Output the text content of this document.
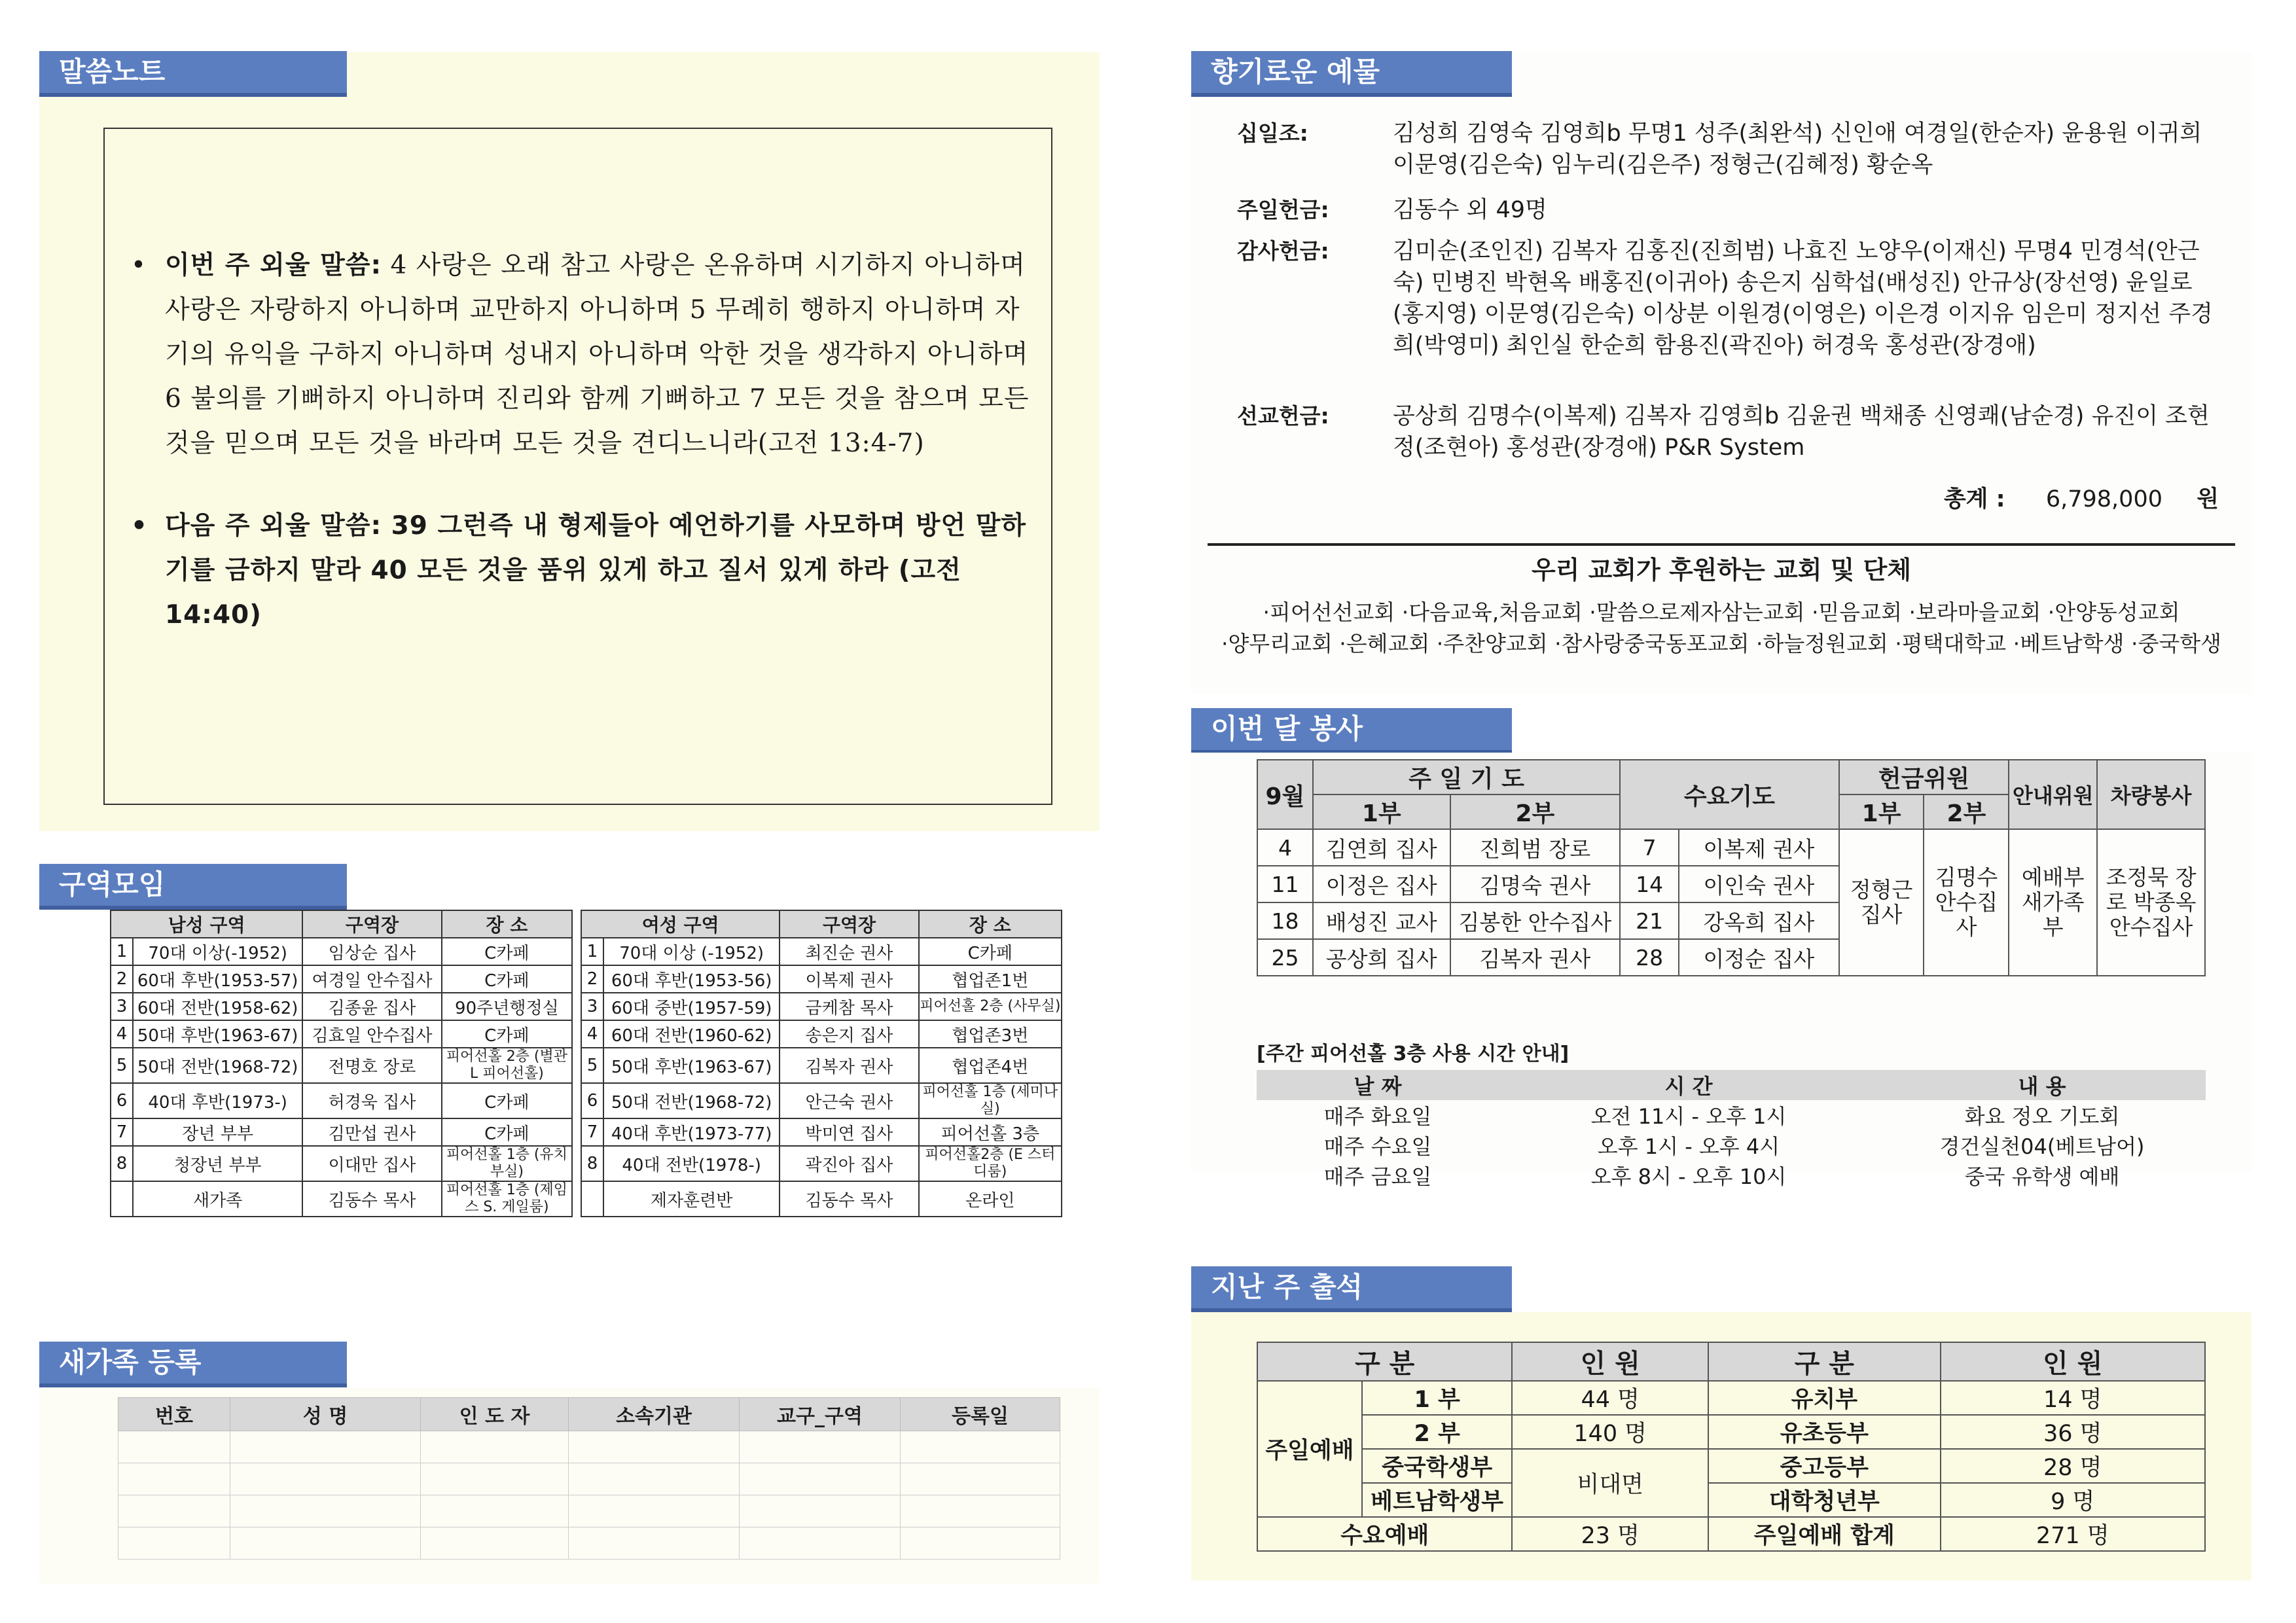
말씀노트

• 이번 주 외울 말씀: 4 사랑은 오래 참고 사랑은 온유하며 시기하지 아니하며 사랑은 자랑하지 아니하며 교만하지 아니하며 5 무례히 행하지 아니하며 자기의 유익을 구하지 아니하며 성내지 아니하며 악한 것을 생각하지 아니하며 6 불의를 기뻐하지 아니하며 진리와 함께 기뻐하고 7 모든 것을 참으며 모든 것을 믿으며 모든 것을 바라며 모든 것을 견디느니라(고전 13:4-7)

• 다음 주 외울 말씀: 39 그런즉 내 형제들아 예언하기를 사모하며 방언 말하기를 금하지 말라 40 모든 것을 품위 있게 하고 질서 있게 하라 (고전 14:40)

구역모임
남성 구역		구역장	장 소		여성 구역		구역장	장 소
1	70대 이상(-1952)	임상순 집사	C카페		1	70대 이상 (-1952)	최진순 권사	C카페
2	60대 후반(1953-57)	여경일 안수집사	C카페		2	60대 후반(1953-56)	이복제 권사	협업존1번
3	60대 전반(1958-62)	김종윤 집사	90주년행정실		3	60대 중반(1957-59)	금케참 목사	피어선홀 2층 (사무실)
4	50대 후반(1963-67)	김효일 안수집사	C카페		4	60대 전반(1960-62)	송은지 집사	협업존3번
5	50대 전반(1968-72)	전명호 장로	피어선홀 2층 (별관 L 피어선홀)		5	50대 후반(1963-67)	김복자 권사	협업존4번
6	40대 후반(1973-)	허경욱 집사	C카페		6	50대 전반(1968-72)	안근숙 권사	피어선홀 1층 (세미나실)
7	장년 부부	김만섭 권사	C카페		7	40대 후반(1973-77)	박미연 집사	피어선홀 3층
8	청장년 부부	이대만 집사	피어선홀 1층 (유치부실)		8	40대 전반(1978-)	곽진아 집사	피어선홀2층 (E 스터디룸)
	새가족	김동수 목사	피어선홀 1층 (제임스 S. 게일룸)			제자훈련반	김동수 목사	온라인
새가족 등록
번호	성 명	인 도 자	소속기관	교구_구역	등록일

향기로운 예물
십일조:	김성희 김영숙 김영희b 무명1 성주(최완석) 신인애 여경일(한순자) 윤용원 이귀희 이문영(김은숙) 임누리(김은주) 정형근(김혜정) 황순옥
주일헌금:	김동수 외 49명
감사헌금:	김미순(조인진) 김복자 김홍진(진희범) 나효진 노양우(이재신) 무명4 민경석(안근숙) 민병진 박현옥 배홍진(이귀아) 송은지 심학섭(배성진) 안규상(장선영) 윤일로(홍지영) 이문영(김은숙) 이상분 이원경(이영은) 이은경 이지유 임은미 정지선 주경희(박영미) 최인실 한순희 함용진(곽진아) 허경욱 홍성관(장경애)
선교헌금:	공상희 김명수(이복제) 김복자 김영희b 김윤권 백채종 신영쾌(남순경) 유진이 조현정(조현아) 홍성관(장경애) P&R System
총계 : 6,798,000 원
우리 교회가 후원하는 교회 및 단체
·피어선선교회 ·다음교육,처음교회 ·말씀으로제자삼는교회 ·믿음교회 ·보라마을교회 ·안양동성교회
·양무리교회 ·은혜교회 ·주찬양교회 ·참사랑중국동포교회 ·하늘정원교회 ·평택대학교 ·베트남학생 ·중국학생
이번 달 봉사
9월	주 일 기 도		수요기도		헌금위원		안내위원	차량봉사
	1부	2부			1부	2부		
4	김연희 집사	진희범 장로	7	이복제 권사	정형근 집사	김명수 안수집사	예배부 새가족부	조정묵 장로 박종옥 안수집사
11	이정은 집사	김명숙 권사	14	이인숙 권사				
18	배성진 교사	김봉한 안수집사	21	강옥희 집사				
25	공상희 집사	김복자 권사	28	이정순 집사				
[주간 피어선홀 3층 사용 시간 안내]
날 짜	시 간	내 용
매주 화요일	오전 11시 - 오후 1시	화요 정오 기도회
매주 수요일	오후 1시 - 오후 4시	경건실천04(베트남어)
매주 금요일	오후 8시 - 오후 10시	중국 유학생 예배
지난 주 출석
구 분		인 원	구 분	인 원
주일예배	1 부	44 명	유치부	14 명
	2 부	140 명	유초등부	36 명
	중국학생부	비대면	중고등부	28 명
	베트남학생부		대학청년부	9 명
수요예배		23 명	주일예배 합계	271 명
